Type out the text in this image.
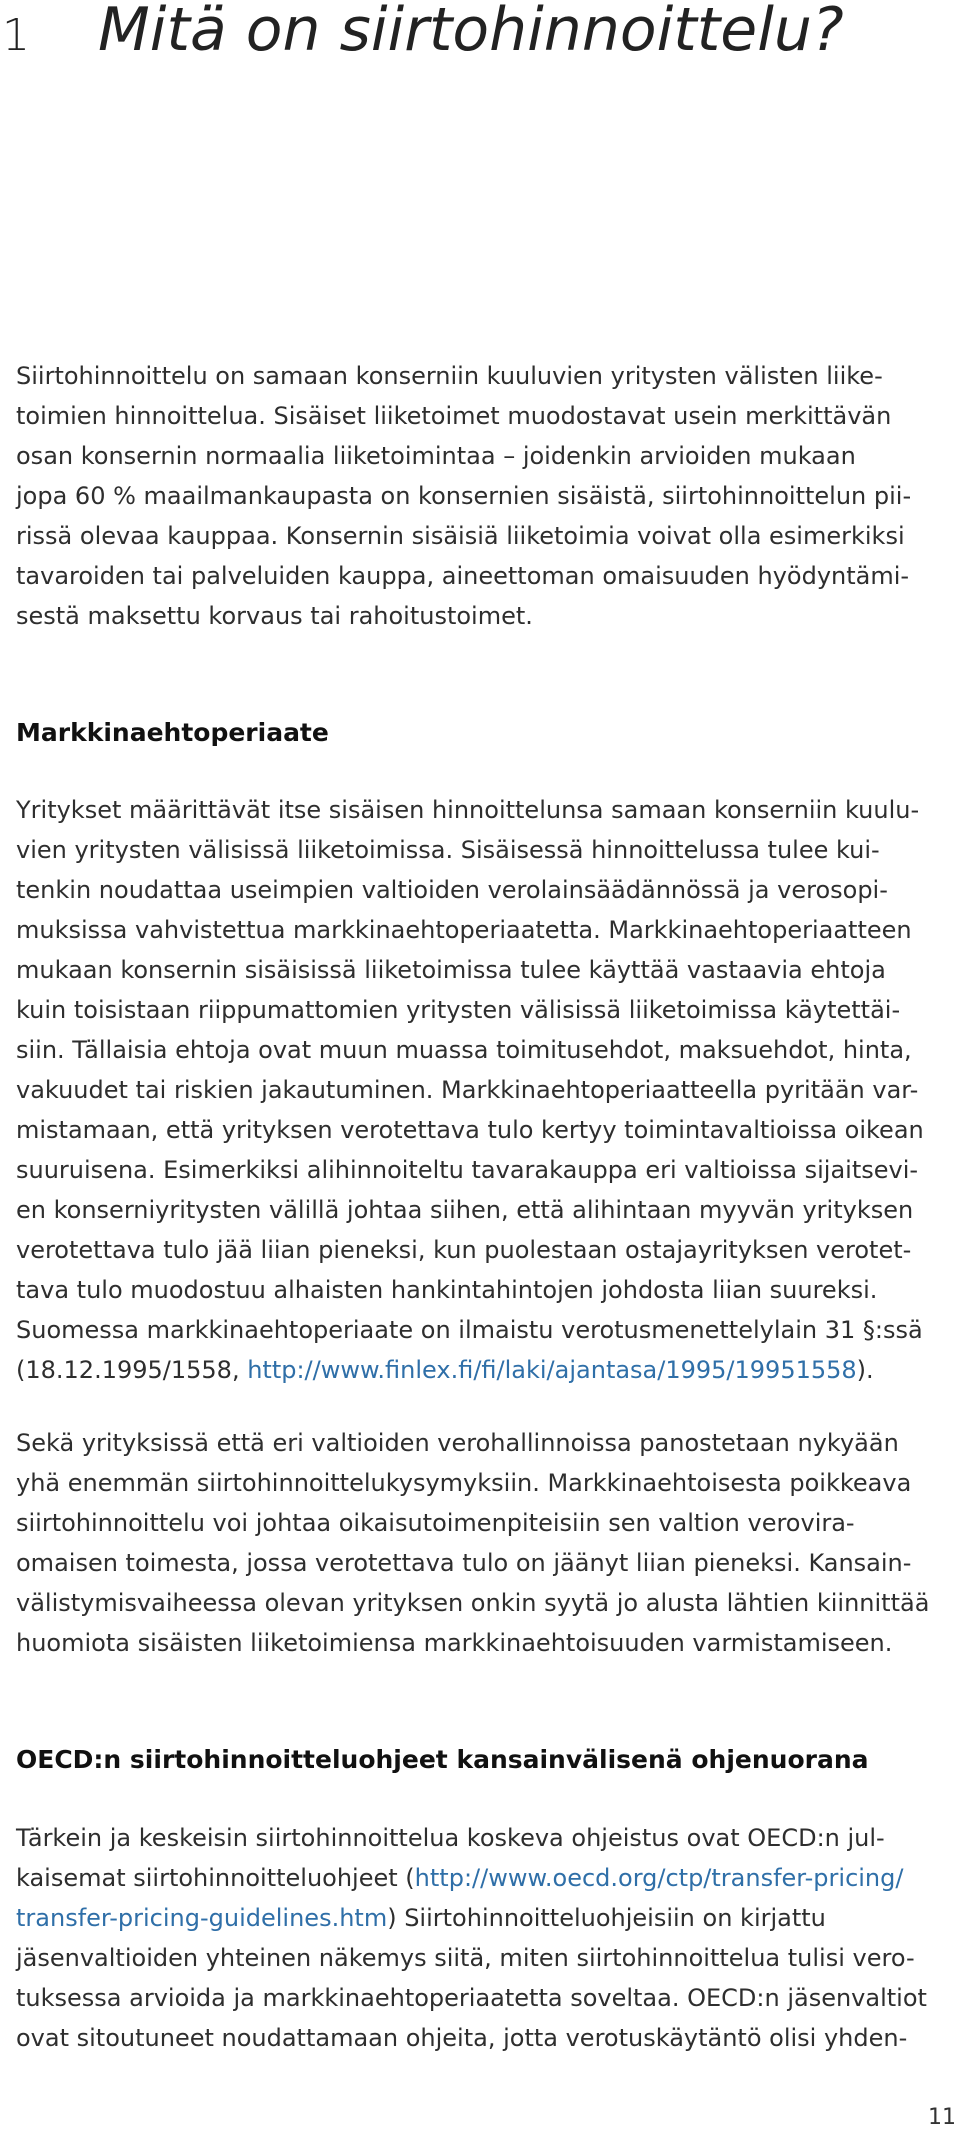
1	Mitä on siirtohinnoittelu?

Siirtohinnoittelu on samaan konserniin kuuluvien yritysten välisten liike-

toimien hinnoittelua. Sisäiset liiketoimet muodostavat usein merkittävän

osan konsernin normaalia liiketoimintaa – joidenkin arvioiden mukaan

jopa 60 % maailmankaupasta on konsernien sisäistä, siirtohinnoittelun pii-

rissä olevaa kauppaa. Konsernin sisäisiä liiketoimia voivat olla esimerkiksi

tavaroiden tai palveluiden kauppa, aineettoman omaisuuden hyödyntämi-

sestä maksettu korvaus tai rahoitustoimet.

Markkinaehtoperiaate

Yritykset määrittävät itse sisäisen hinnoittelunsa samaan konserniin kuulu-

vien yritysten välisissä liiketoimissa. Sisäisessä hinnoittelussa tulee kui-

tenkin noudattaa useimpien valtioiden verolainsäädännössä ja verosopi-

muksissa vahvistettua markkinaehtoperiaatetta. Markkinaehtoperiaatteen

mukaan konsernin sisäisissä liiketoimissa tulee käyttää vastaavia ehtoja

kuin toisistaan riippumattomien yritysten välisissä liiketoimissa käytettäi-

siin. Tällaisia ehtoja ovat muun muassa toimitusehdot, maksuehdot, hinta,

vakuudet tai riskien jakautuminen. Markkinaehtoperiaatteella pyritään var-

mistamaan, että yrityksen verotettava tulo kertyy toimintavaltioissa oikean

suuruisena. Esimerkiksi alihinnoiteltu tavarakauppa eri valtioissa sijaitsevi-

en konserniyritysten välillä johtaa siihen, että alihintaan myyvän yrityksen

verotettava tulo jää liian pieneksi, kun puolestaan ostajayrityksen verotet-

tava tulo muodostuu alhaisten hankintahintojen johdosta liian suureksi.

Suomessa markkinaehtoperiaate on ilmaistu verotusmenettelylain 31 §:ssä

(18.12.1995/1558, http://www.finlex.fi/fi/laki/ajantasa/1995/19951558).

Sekä yrityksissä että eri valtioiden verohallinnoissa panostetaan nykyään

yhä enemmän siirtohinnoittelukysymyksiin. Markkinaehtoisesta poikkeava

siirtohinnoittelu voi johtaa oikaisutoimenpiteisiin sen valtion verovira-

omaisen toimesta, jossa verotettava tulo on jäänyt liian pieneksi. Kansain-

välistymisvaiheessa olevan yrityksen onkin syytä jo alusta lähtien kiinnittää

huomiota sisäisten liiketoimiensa markkinaehtoisuuden varmistamiseen.

OECD:n siirtohinnoitteluohjeet kansainvälisenä ohjenuorana

Tärkein ja keskeisin siirtohinnoittelua koskeva ohjeistus ovat OECD:n jul-

kaisemat siirtohinnoitteluohjeet (http://www.oecd.org/ctp/transfer-pricing/

transfer-pricing-guidelines.htm) Siirtohinnoitteluohjeisiin on kirjattu

jäsenvaltioiden yhteinen näkemys siitä, miten siirtohinnoittelua tulisi vero-

tuksessa arvioida ja markkinaehtoperiaatetta soveltaa. OECD:n jäsenvaltiot

ovat sitoutuneet noudattamaan ohjeita, jotta verotuskäytäntö olisi yhden-

11
